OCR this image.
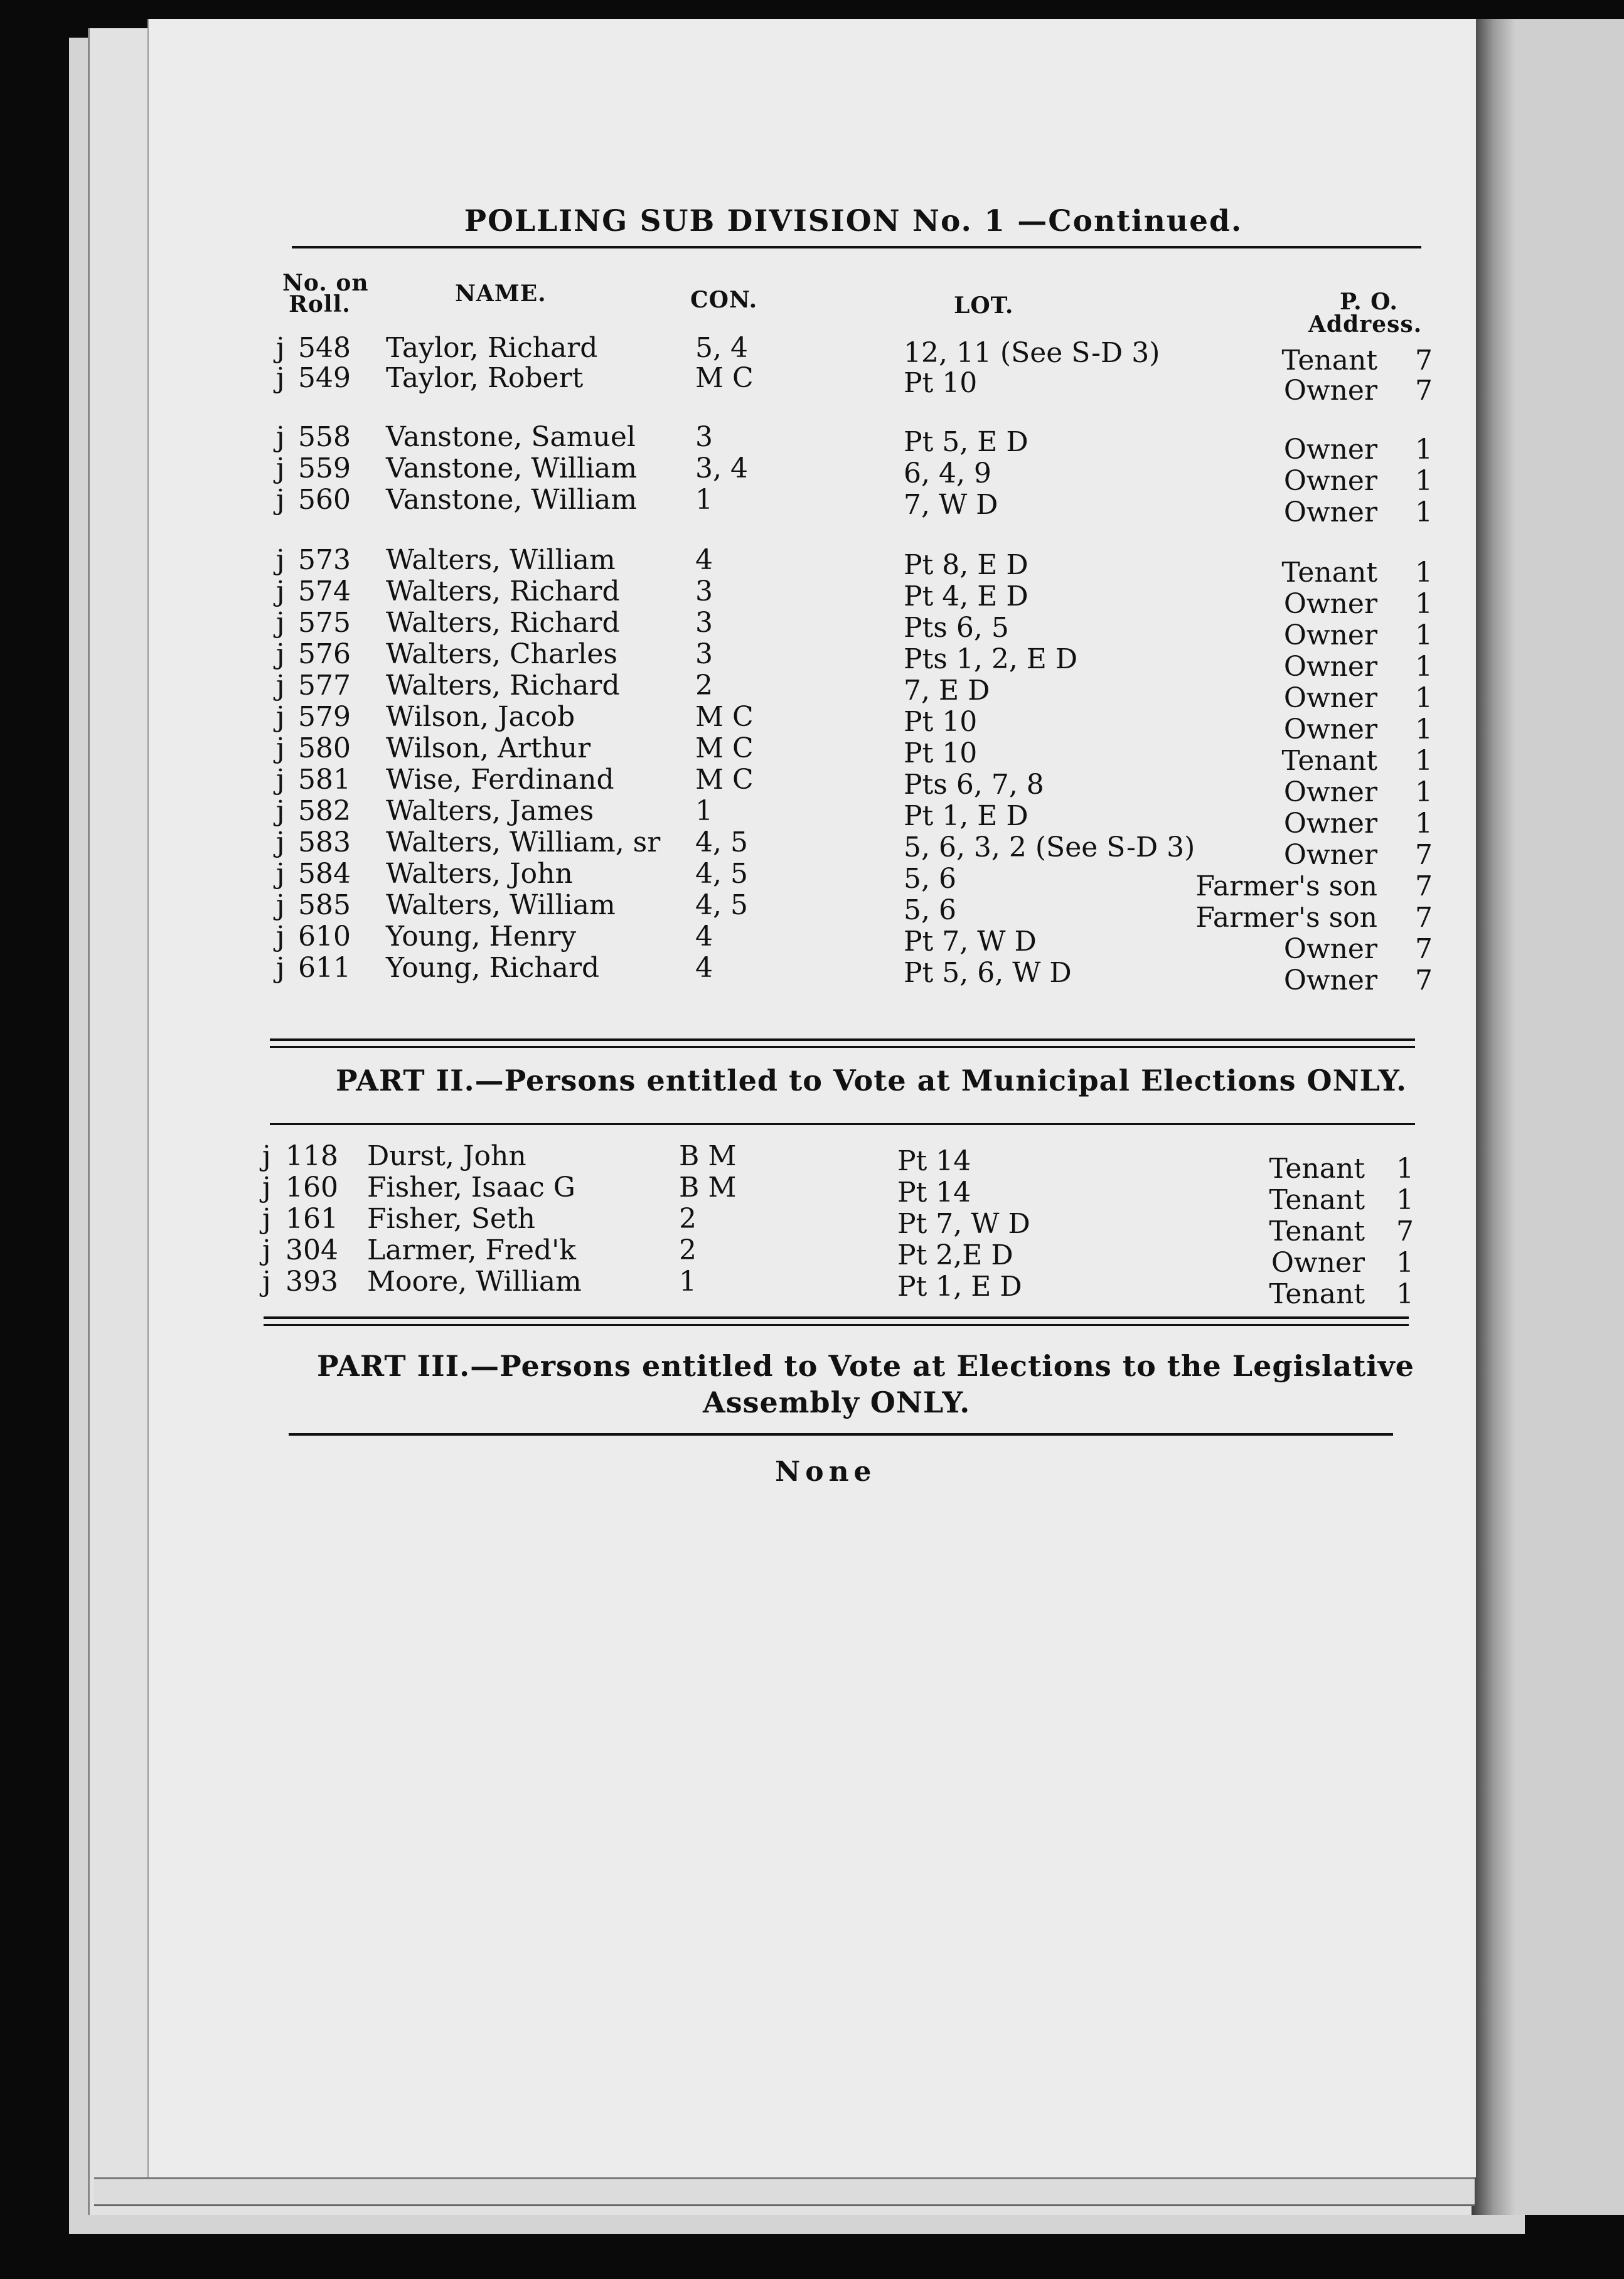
POLLING SUB DIVISION No. 1 —Continued.
No. on
Roll.	NAME.	CON.	LOT.	P. O.
Address.
j 548 Taylor, Richard	5, 4	12, 11 (See S-D 3)	Tenant 7
j 549 Taylor, Robert	M C	Pt 10	Owner 7
j 558 Vanstone, Samuel 3	Pt 5, E D	Owner 1
j 559 Vanstone, William 3, 4	6, 4, 9	Owner 1
j 560 Vanstone, William 1	7, W D	Owner 1
j 573 Walters, William	4	Pt 8, E D	Tenant 1
j 574 Walters, Richard	3	Pt 4, E D	Owner 1
j 575 Walters, Richard	3	Pts 6, 5	Owner 1
j 576 Walters, Charles	3	Pts 1, 2, E D	Owner 1
j 577 Walters, Richard	2	7, E D	Owner 1
j 579 Wilson, Jacob	M C	Pt 10	Owner 1
j 580 Wilson, Arthur	M C	Pt 10	Tenant 1
j 581 Wise, Ferdinand	M C	Pts 6, 7, 8	Owner 1
j 582 Walters, James	1	Pt 1, E D	Owner 1
j 583 Walters, William, sr 4, 5	5, 6, 3, 2 (See S-D 3)	Owner 7
j 584 Walters, John	4, 5	5, 6	Farmer's son 7
j 585 Walters, William	4, 5	5, 6	Farmer's son 7
j 610 Young, Henry	4	Pt 7, W D	Owner 7
j 611 Young, Richard	4	Pt 5, 6, W D	Owner 7
PART II.—Persons entitled to Vote at Municipal Elections ONLY.
j 118 Durst, John	B M	Pt 14	Tenant 1
j 160 Fisher, Isaac G	B M	Pt 14	Tenant 1
j 161 Fisher, Seth	2	Pt 7, W D	Tenant 7
j 304 Larmer, Fred'k	2	Pt 2,E D	Owner 1
j 393 Moore, William	1	Pt 1, E D	Tenant 1
PART III.—Persons entitled to Vote at Elections to the Legislative
Assembly ONLY.
None
